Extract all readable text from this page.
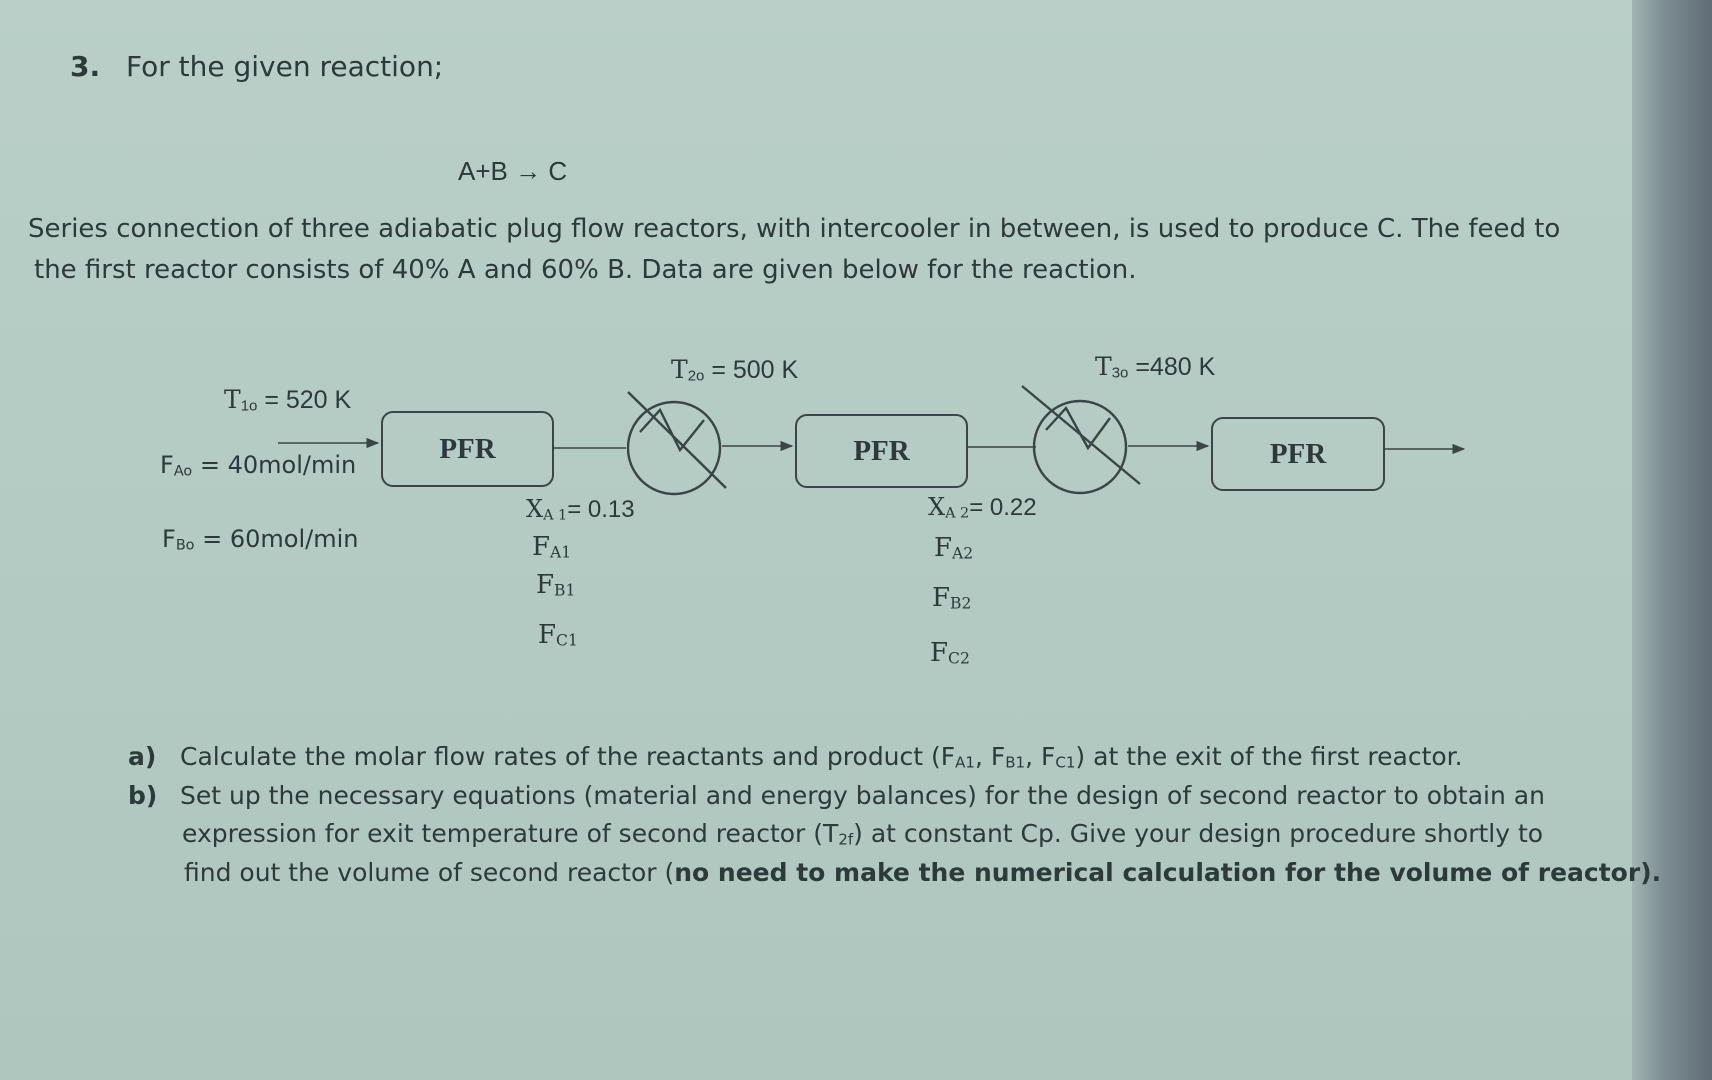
3. For the given reaction;
A+B → C
Series connection of three adiabatic plug flow reactors, with intercooler in between, is used to produce C. The feed to
the first reactor consists of 40% A and 60% B. Data are given below for the reaction.
PFR	PFR	PFR
$T_{1o} = 520$ K
$T_{2o} = 500$ K	$T_{3o} =480$ K
$F_{Ao} = 40mol/\min$
$F_{Bo} = 60mol/\min$
$X_{A 1}= 0.13$
$F_{A1}$
$F_{B1}$
$F_{C1}$
$X_{A 2}= 0.22$
$F_{A2}$
$F_{B2}$
$F_{C2}$
a) Calculate the molar flow rates of the reactants and product ($F_{A1}$, $F_{B1}$, $F_{C1}$) at the exit of the first reactor.
b) Set up the necessary equations (material and energy balances) for the design of second reactor to obtain an
expression for exit temperature of second reactor $(T_{2f})$ at constant Cp. Give your design procedure shortly to
find out the volume of second reactor (no need to make the numerical calculation for the volume of reactor).
